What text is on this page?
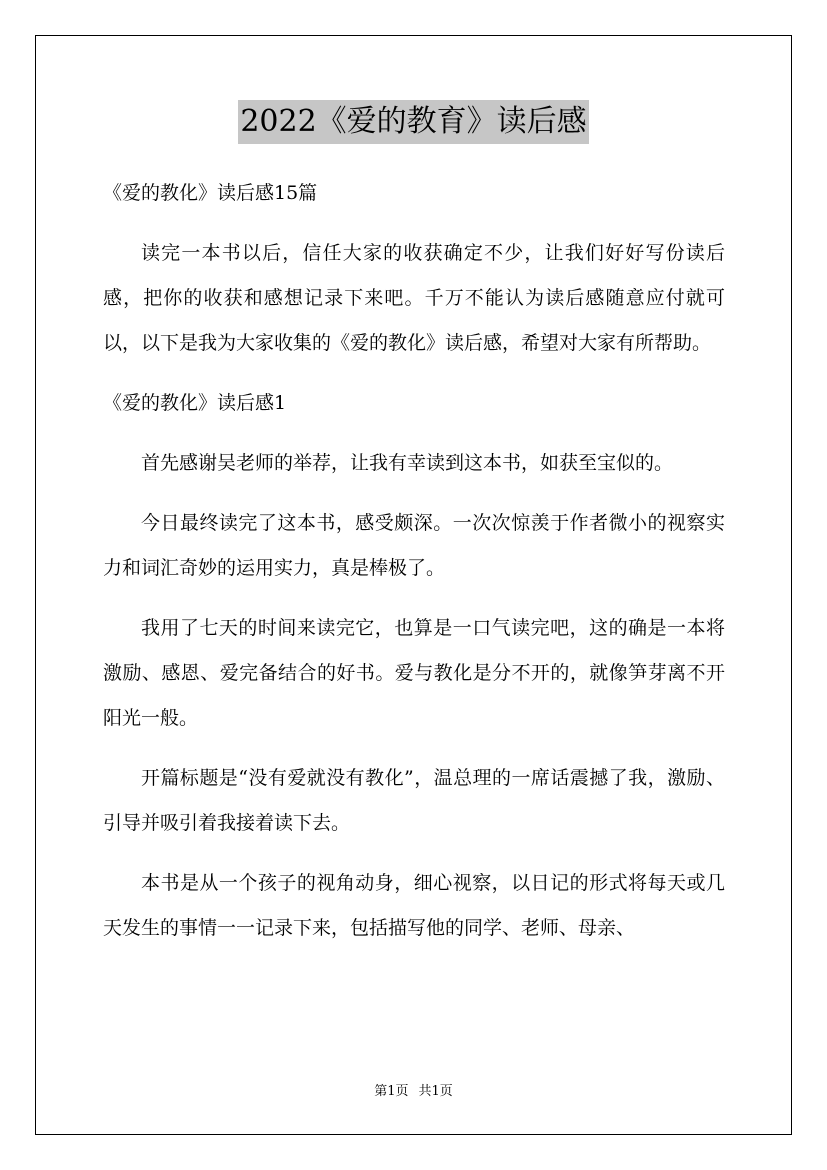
2022《爱的教育》读后感
《爱的教化》读后感15篇

读完一本书以后，信任大家的收获确定不少，让我们好好写份读后感，把你的收获和感想记录下来吧。千万不能认为读后感随意应付就可以，以下是我为大家收集的《爱的教化》读后感，希望对大家有所帮助。

《爱的教化》读后感1

首先感谢吴老师的举荐，让我有幸读到这本书，如获至宝似的。

今日最终读完了这本书，感受颇深。一次次惊羡于作者微小的视察实力和词汇奇妙的运用实力，真是棒极了。

我用了七天的时间来读完它，也算是一口气读完吧，这的确是一本将激励、感恩、爱完备结合的好书。爱与教化是分不开的，就像笋芽离不开阳光一般。

开篇标题是“没有爱就没有教化”，温总理的一席话震撼了我，激励、引导并吸引着我接着读下去。

本书是从一个孩子的视角动身，细心视察，以日记的形式将每天或几天发生的事情一一记录下来，包括描写他的同学、老师、母亲、

第1页 共1页
